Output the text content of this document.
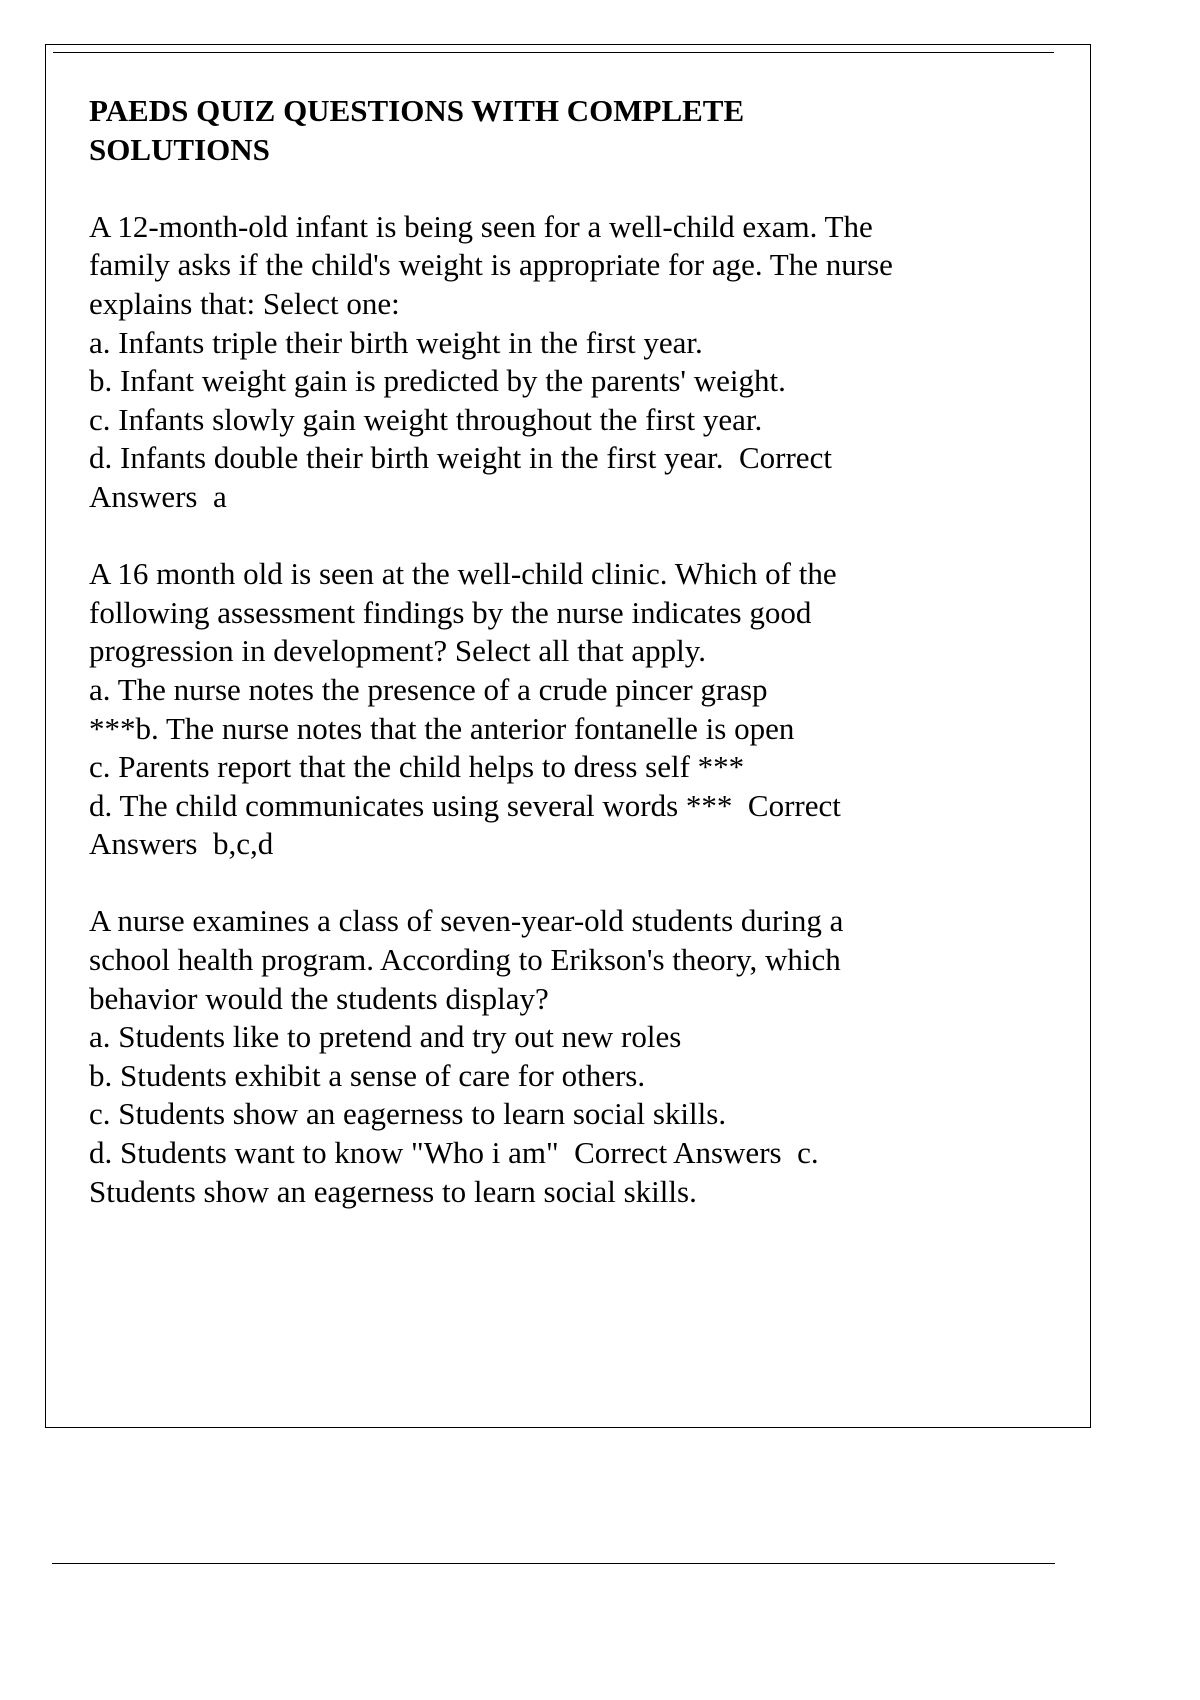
PAEDS QUIZ QUESTIONS WITH COMPLETE
SOLUTIONS
A 12-month-old infant is being seen for a well-child exam. The
family asks if the child's weight is appropriate for age. The nurse
explains that: Select one:
a. Infants triple their birth weight in the first year.
b. Infant weight gain is predicted by the parents' weight.
c. Infants slowly gain weight throughout the first year.
d. Infants double their birth weight in the first year.  Correct
Answers  a
A 16 month old is seen at the well-child clinic. Which of the
following assessment findings by the nurse indicates good
progression in development? Select all that apply.
a. The nurse notes the presence of a crude pincer grasp
***b. The nurse notes that the anterior fontanelle is open
c. Parents report that the child helps to dress self ***
d. The child communicates using several words ***  Correct
Answers  b,c,d
A nurse examines a class of seven-year-old students during a
school health program. According to Erikson's theory, which
behavior would the students display?
a. Students like to pretend and try out new roles
b. Students exhibit a sense of care for others.
c. Students show an eagerness to learn social skills.
d. Students want to know "Who i am"  Correct Answers  c.
Students show an eagerness to learn social skills.
